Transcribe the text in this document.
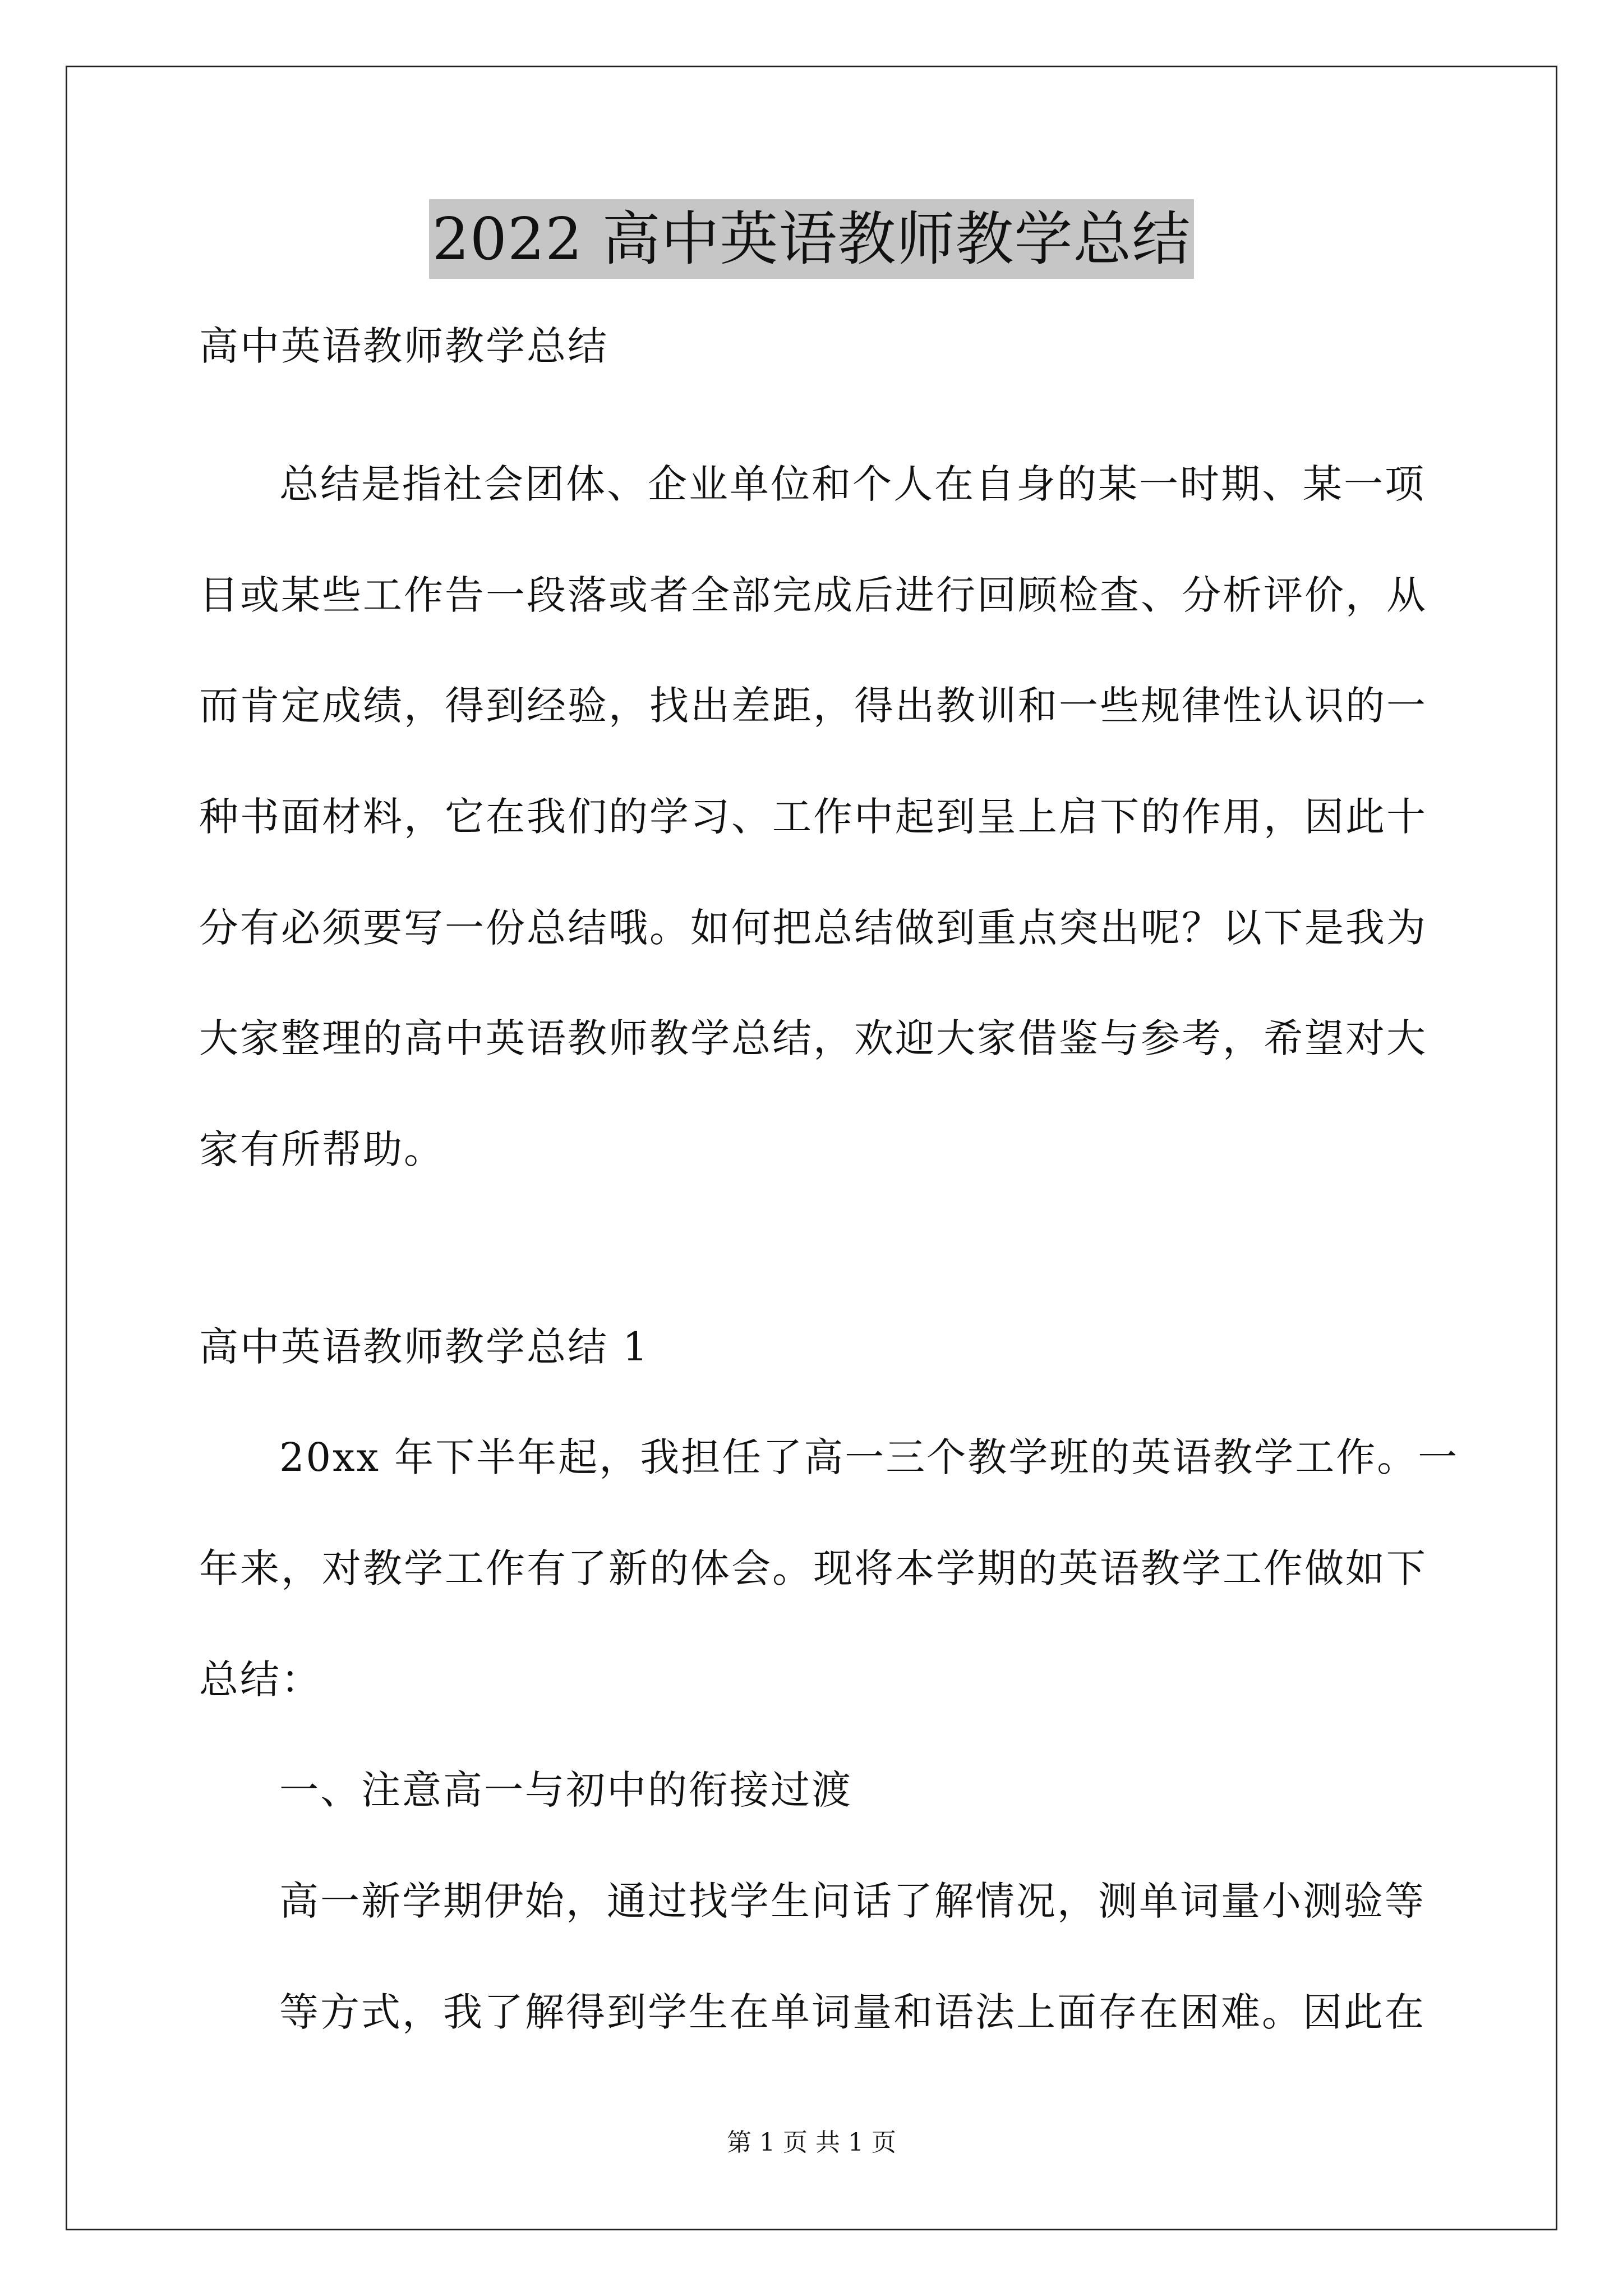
2022 高中英语教师教学总结
高中英语教师教学总结
总结是指社会团体、企业单位和个人在自身的某一时期、某一项
目或某些工作告一段落或者全部完成后进行回顾检查、分析评价，从
而肯定成绩，得到经验，找出差距，得出教训和一些规律性认识的一
种书面材料，它在我们的学习、工作中起到呈上启下的作用，因此十
分有必须要写一份总结哦。如何把总结做到重点突出呢？以下是我为
大家整理的高中英语教师教学总结，欢迎大家借鉴与参考，希望对大
家有所帮助。
高中英语教师教学总结 1
20xx 年下半年起，我担任了高一三个教学班的英语教学工作。一
年来，对教学工作有了新的体会。现将本学期的英语教学工作做如下
总结：
一、注意高一与初中的衔接过渡
高一新学期伊始，通过找学生问话了解情况，测单词量小测验等
等方式，我了解得到学生在单词量和语法上面存在困难。因此在
第 1 页 共 1 页
